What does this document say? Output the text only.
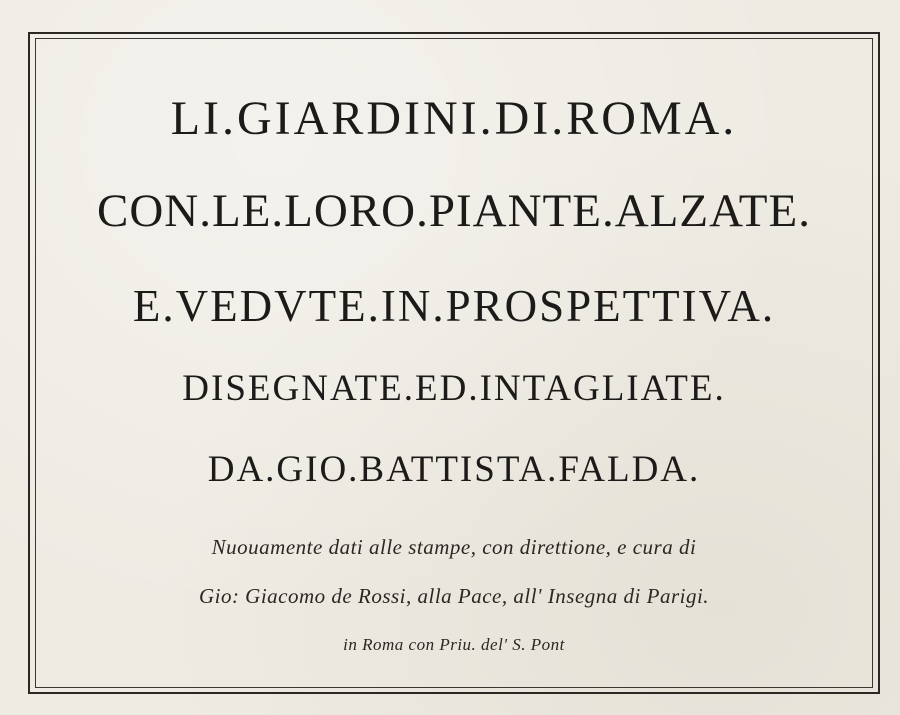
LI.GIARDINI.DI.ROMA.
CON.LE.LORO.PIANTE.ALZATE.
E.VEDVTE.IN.PROSPETTIVA.
DISEGNATE.ED.INTAGLIATE.
DA.GIO.BATTISTA.FALDA.
Nuouamente dati alle stampe, con direttione, e cura di
Gio: Giacomo de Rossi, alla Pace, all' Insegna di Parigi.
in Roma con Priu. del' S. Pont
